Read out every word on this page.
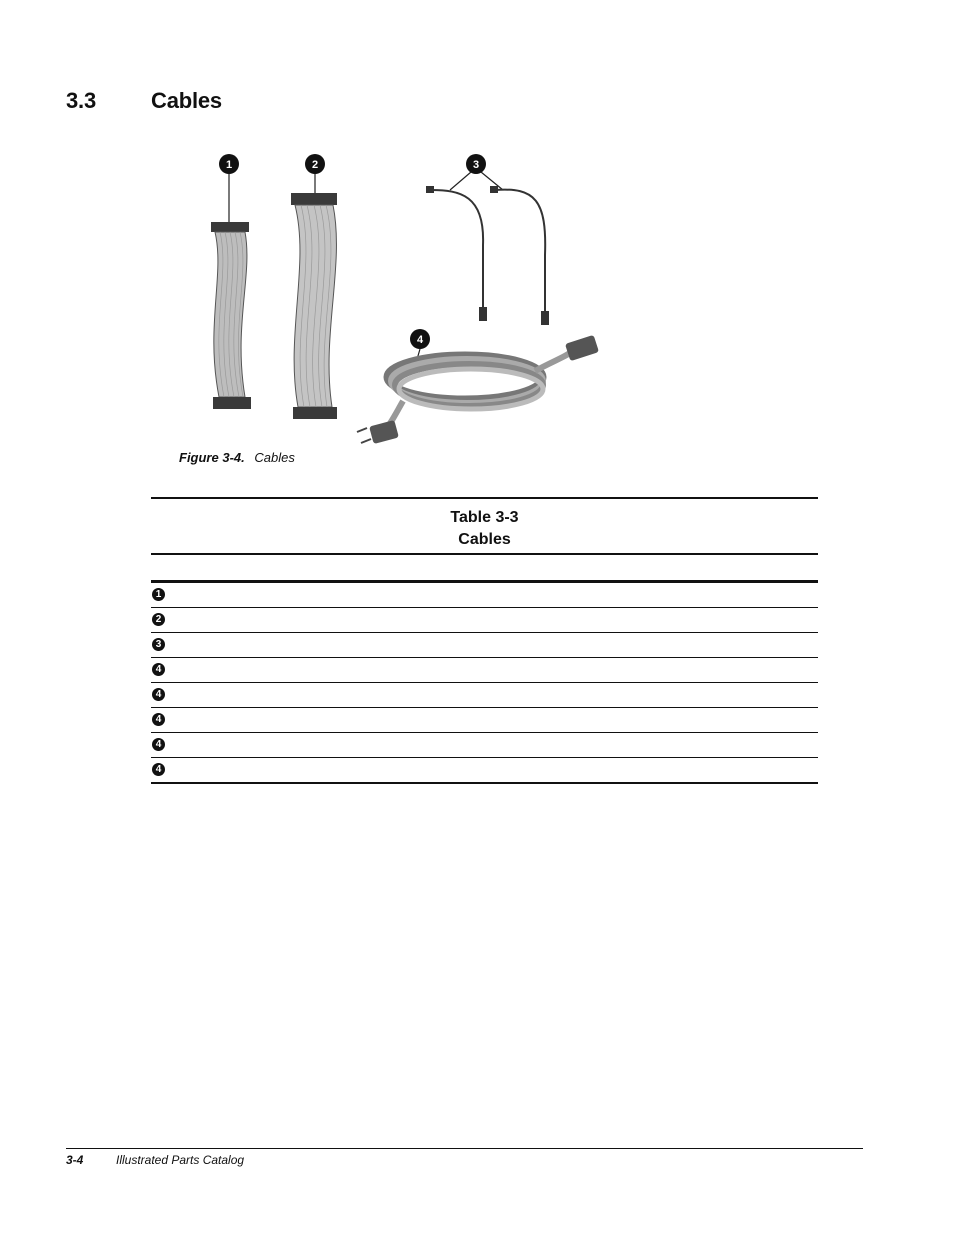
3.3	Cables
1	2	3
4
Figure 3-4. Cables
Table 3-3
Cables
1
2
3
4
4
4
4
4
3-4	Illustrated Parts Catalog
